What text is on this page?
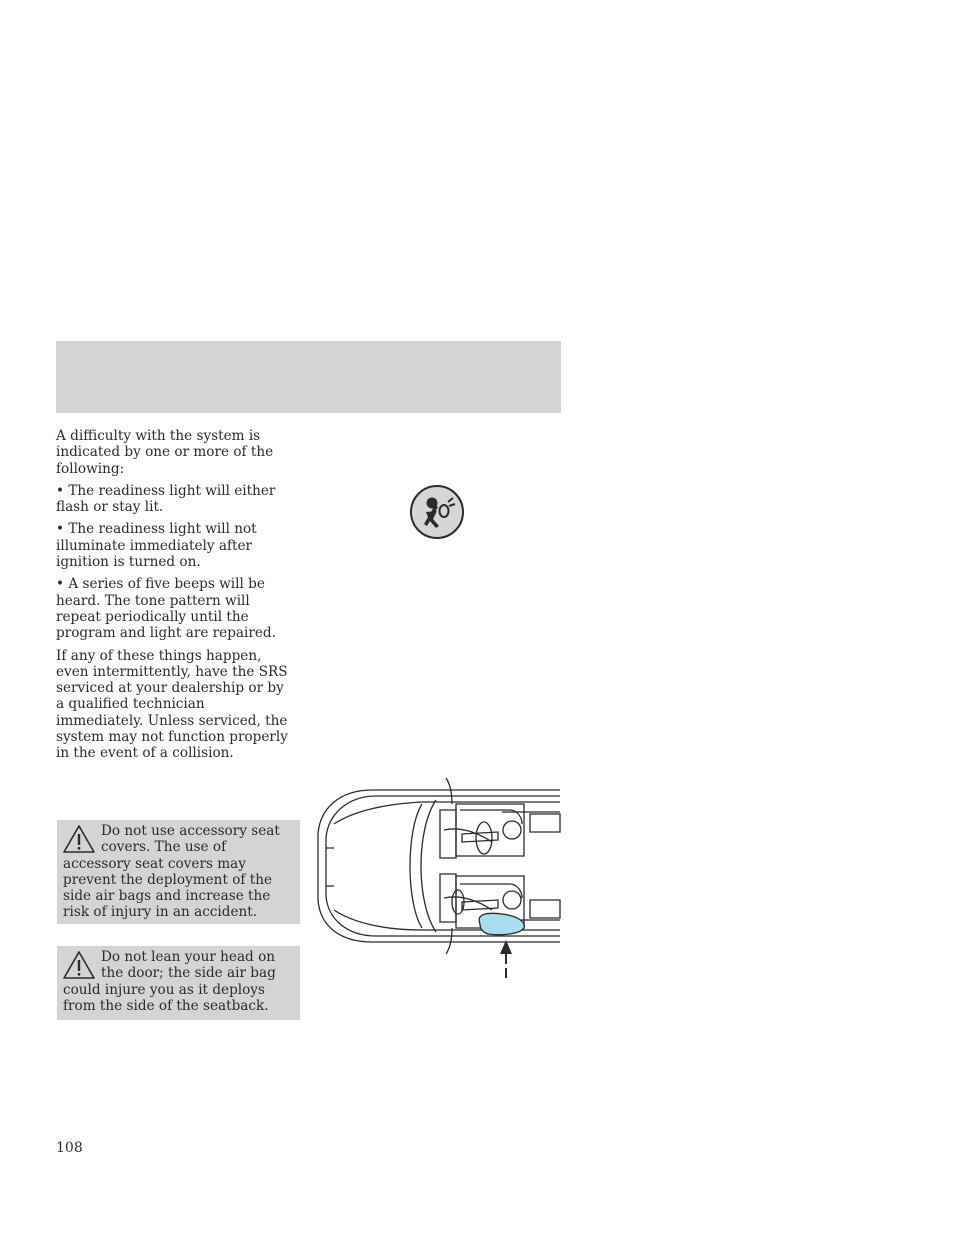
A difficulty with the system is indicated by one or more of the following:

• The readiness light will either flash or stay lit.

• The readiness light will not illuminate immediately after ignition is turned on.

• A series of five beeps will be heard. The tone pattern will repeat periodically until the program and light are repaired.

If any of these things happen, even intermittently, have the SRS serviced at your dealership or by a qualified technician immediately. Unless serviced, the system may not function properly in the event of a collision.

Do not use accessory seat covers. The use of accessory seat covers may prevent the deployment of the side air bags and increase the risk of injury in an accident.
Do not lean your head on the door; the side air bag could injure you as it deploys from the side of the seatback.
108
